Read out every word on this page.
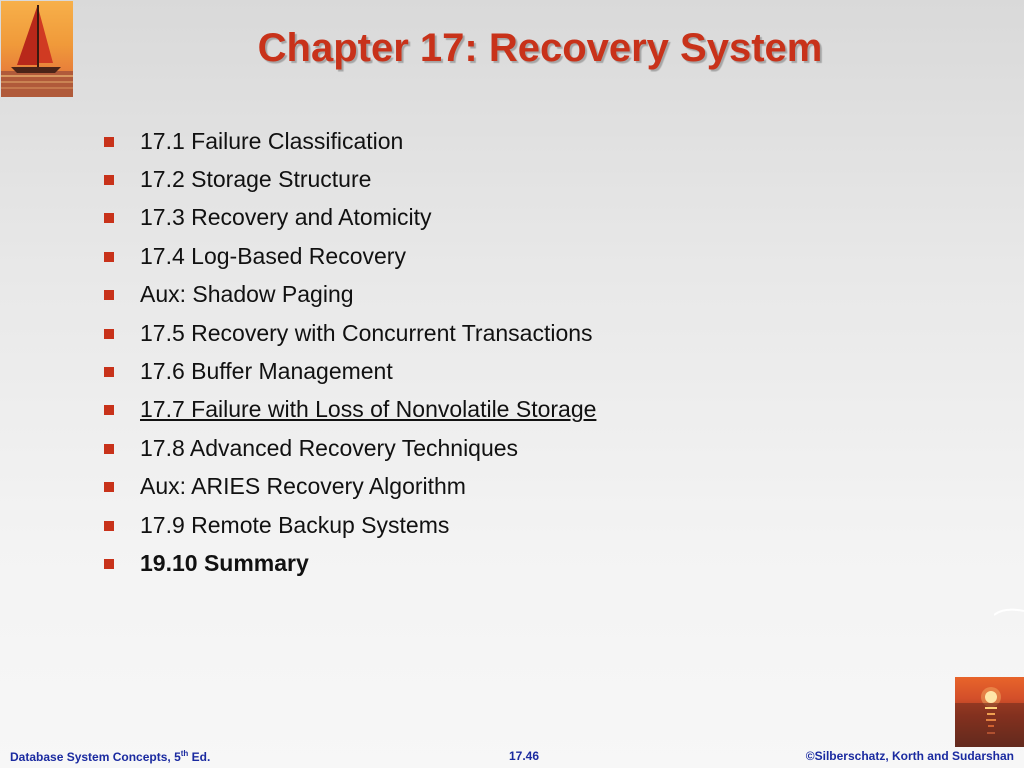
Chapter 17: Recovery System
17.1 Failure Classification
17.2 Storage Structure
17.3 Recovery and Atomicity
17.4 Log-Based Recovery
Aux: Shadow Paging
17.5 Recovery with Concurrent Transactions
17.6 Buffer Management
17.7 Failure with Loss of Nonvolatile Storage
17.8 Advanced Recovery Techniques
Aux: ARIES Recovery Algorithm
17.9 Remote Backup Systems
19.10 Summary
Database System Concepts, 5th Ed.	17.46	©Silberschatz, Korth and Sudarshan
